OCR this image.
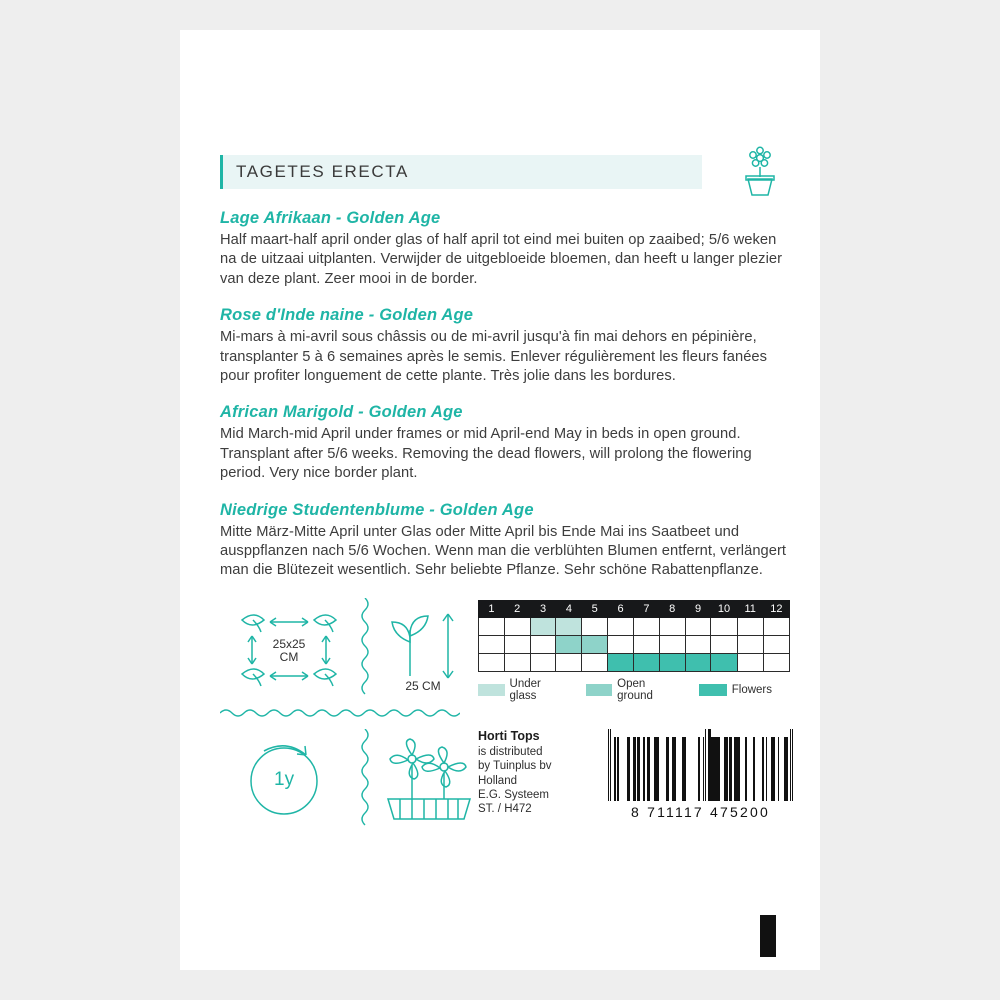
TAGETES ERECTA
Lage Afrikaan - Golden Age
Half maart-half april onder glas of half april tot eind mei buiten op zaaibed; 5/6 weken na de uitzaai uitplanten. Verwijder de uitgebloeide bloemen, dan heeft u langer plezier van deze plant. Zeer mooi in de border.
Rose d'Inde naine - Golden Age
Mi-mars à mi-avril sous châssis ou de mi-avril jusqu'à fin mai dehors en pépinière, transplanter 5 à 6 semaines après le semis. Enlever régulièrement les fleurs fanées pour profiter longuement de cette plante. Très jolie dans les bordures.
African Marigold - Golden Age
Mid March-mid April under frames or mid April-end May in beds in open ground. Transplant after 5/6 weeks. Removing the dead flowers, will prolong the flowering period. Very nice border plant.
Niedrige Studentenblume - Golden Age
Mitte März-Mitte April unter Glas oder Mitte April bis Ende Mai ins Saatbeet und ausppflanzen nach 5/6 Wochen. Wenn man die verblühten Blumen entfernt, verlängert man die Blütezeit wesentlich. Sehr beliebte Pflanze. Sehr schöne Rabattenpflanze.
25x25
CM
25 CM
1	2	3	4	5	6	7	8	9	10	11	12

Under glass
Open ground	Flowers
1y
Horti Tops
is distributed
by Tuinplus bv
Holland
E.G. Systeem
ST. / H472	8 711117 475200
